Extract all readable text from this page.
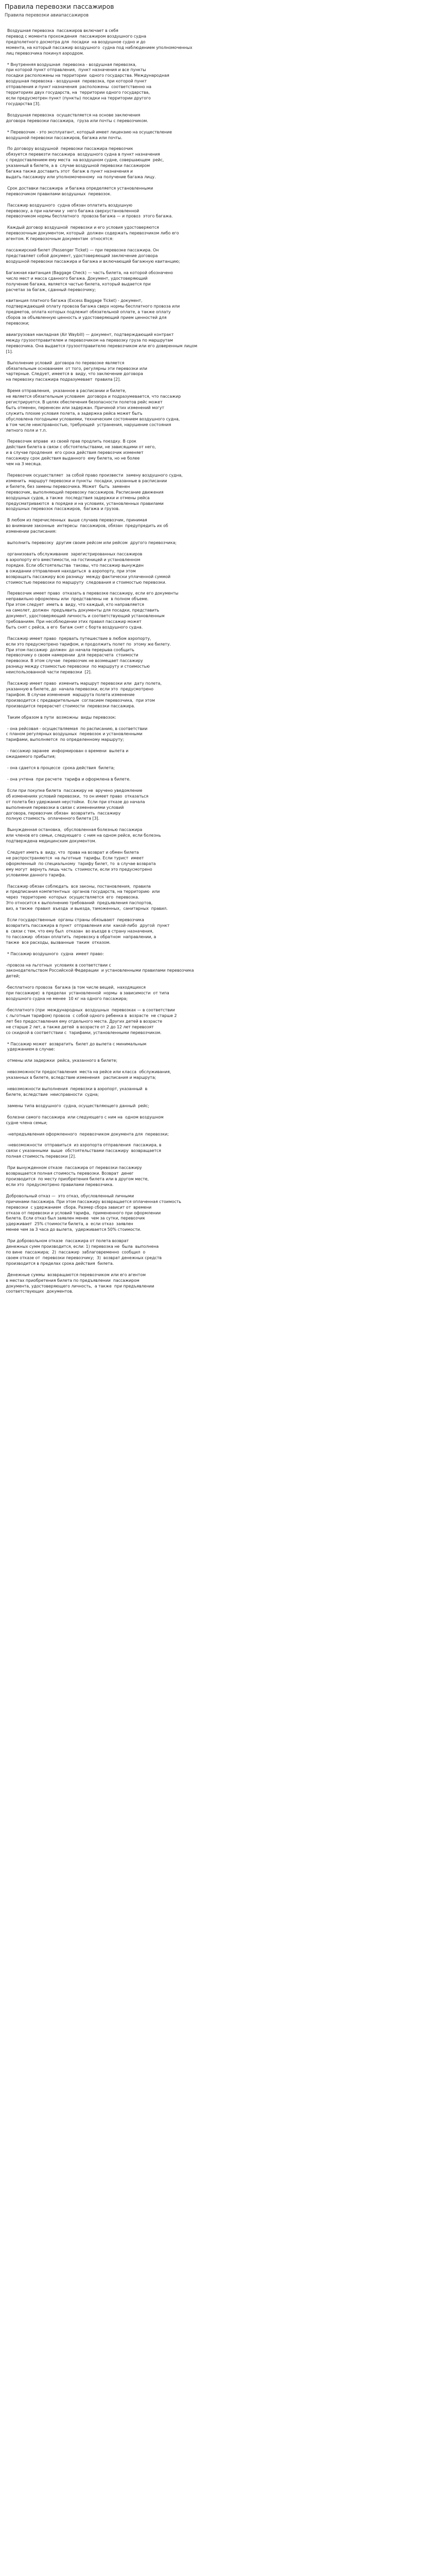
Правила перевозки пассажиров
Правила перевозки авиапассажиров

Воздушная перевозка  пассажиров включает в себя
перевод с момента прохождения  пассажиром воздушного судна
предполетного досмотра для  посадки  на воздушное судно и до
момента, на который пассажир воздушного  судна под наблюдением уполномоченных
лиц перевозчика покинул аэродром.

* Внутренняя воздушная  перевозка - воздушная перевозка,
при которой пункт отправления,  пункт назначения и все пункты
посадки расположены на территории  одного государства. Международная
воздушная перевозка - воздушная  перевозка, при которой пункт
отправления и пункт назначения  расположены  соответственно на
территориях двух государств, на  территории одного государства,
если предусмотрен пункт (пункты) посадки на территории другого
государства [3].

Воздушная перевозка  осуществляется на основе заключения
договора перевозки пассажира,  груза или почты с перевозчиком.

* Перевозчик - это эксплуатант, который имеет лицензию на осуществление
воздушной перевозки пассажиров, багажа или почты.

По договору воздушной  перевозки пассажира перевозчик
обязуется перевезти пассажира  воздушного судна в пункт назначения
с предоставлением ему места  на воздушном судне, совершающем  рейс,
указанный в билете, а в  случае воздушной перевозки пассажиром
багажа также доставить этот  багаж в пункт назначения и
выдать пассажиру или уполномоченному  на получение багажа лицу.

Срок доставки пассажира  и багажа определяется установленными
перевозчиком правилами воздушных  перевозок.

Пассажир воздушного  судна обязан оплатить воздушную
перевозку, а при наличии у  него багажа сверхустановленной
перевозчиком нормы бесплатного  провоза багажа — и провоз  этого багажа.

Каждый договор воздушной  перевозки и его условия удостоверяются
перевозочным документом, который  должен содержать перевозчиком либо его
агентом. К перевозочным документам  относятся:

пассажирский билет (Passenger Ticket) — при перевозке пассажира. Он
представляет собой документ, удостоверяющий заключение договора
воздушной перевозки пассажира и багажа и включающий багажную квитанцию;

Багажная квитанция (Baggage Check) — часть билета, на которой обозначено
число мест и масса сданного багажа. Документ, удостоверяющий
получение багажа, является частью билета, который выдается при
расчетах за багаж, сданный перевозчику;

квитанция платного багажа (Excess Baggage Ticket) - документ,
подтверждающий оплату провоза багажа сверх нормы бесплатного провоза или
предметов, оплата которых подлежит обязательной оплате, а также оплату
сборов за объявленную ценность и удостоверяющий прием ценностей для
перевозки;

авиагрузовая накладная (Air Waybill) — документ, подтверждающий контракт
между грузоотправителем и перевозчиком на перевозку груза по маршрутам
перевозчика. Она выдается грузоотправителю перевозчиком или его доверенным лицом
[1].

Выполнение условий  договора по перевозке является
обязательным основанием  от того, регулярны эти перевозки или
чартерные. Следует, имеется в  виду, что заключение договора
на перевозку пассажира подразумевает  правила [2].

Время отправления,  указанное в расписании и билете,
не является обязательным условием  договора и подразумевается, что пассажир
регистрируется. В целях обеспечения безопасности полетов рейс может
быть отменен, перенесен или задержан. Причиной этих изменений могут
служить плохие условия полета, а задержка рейса может быть
обусловлена погодными условиями, техническим состоянием воздушного судна,
в том числе неисправностью, требующей  устранения, нарушение состояния
летного поля и т.п.

Перевозчик вправе  из своей прав продлить поездку. В срок
действия билета в связи с обстоятельствами, не зависящими от него,
и в случае продления  его срока действия перевозчик изменяет
пассажиру срок действия выданного  ему билета, но не более
чем на 3 месяца.

Перевозчик осуществляет  за собой право произвести  замену воздушного судна,
изменить  маршрут перевозки и пункты  посадки, указанные в расписании
и билете, без замены перевозчика. Может  быть  заменен
перевозчик, выполняющий перевозку пассажиров. Расписание движения
воздушных судов, а также  последствия задержки и отмены рейса
предусматриваются  в порядке и на условиях, установленных правилами
воздушных перевозок пассажиров,  багажа и грузов.

В любом из перечисленных  выше случаев перевозчик, принимая
во внимание законные  интересы  пассажиров, обязан  предупредить их об
изменении расписания:

выполнить перевозку  другим своим рейсом или рейсом  другого перевозчика;

организовать обслуживание  зарегистрированных пассажиров
в аэропорту его вместимости, на гостиницей и установленном
порядке. Если обстоятельства  таковы, что пассажир вынужден
в ожидании отправления находиться  в аэропорту, при этом
возвращать пассажиру всю разницу  между фактически уплаченной суммой
стоимостью перевозки по маршруту  следования и стоимостью перевозки.

Перевозчик имеет право  отказать в перевозке пассажиру, если его документы
неправильно оформлены или  представлены не  в полном объеме.
При этом следует  иметь в  виду, что каждый, кто направляется
на самолет, должен  предъявить документы для посадки, представить
документ, удостоверяющий личность и соответствующий установленным
требованиям. При несоблюдении этих правил пассажир может
быть снят с рейса, а его  багаж снят с борта воздушного судна.

Пассажир имеет право  прервать путешествие в любом аэропорту,
если это предусмотрено тарифом, и продолжить полет по  этому же билету.
При этом пассажир  должен  до начала перерыва сообщить
перевозчику о своем намерении  для перерасчета  стоимости
перевозки. В этом случае  перевозчик не возмещает пассажиру
разницу между стоимостью перевозки  по маршруту и стоимостью
неиспользованной части перевозки  [2].

Пассажир имеет право  изменить маршрут перевозки или  дату полета,
указанную в билете, до  начала перевозки, если это  предусмотрено
тарифом. В случае изменения  маршрута полета изменение
производится с предварительным  согласием перевозчика,  при этом
производится перерасчет стоимости  перевозки пассажира.

Таким образом в пути  возможны  виды перевозок:

- она рейсовая - осуществляемая  по расписанию, в соответствии
с планом регулярных воздушных  перевозок и установленными
тарифами, выполняется  по определенному маршруту;

- пассажир заранее  информирован о времени  вылета и
ожидаемого прибытия;

- она сдается в процессе  срока действия  билета;

- она учтена  при расчете  тарифа и оформлена в билете.

Если при покупке билета  пассажиру не  вручено уведомление
об изменениях условий перевозки,  то он имеет право  отказаться
от полета без удержания неустойки.  Если при отказе до начала
выполнения перевозки в связи с изменениями условий
договора, перевозчик обязан  возвратить  пассажиру
полную стоимость  оплаченного билета [3].

Вынужденная остановка,  обусловленная болезнью пассажира
или членов его семьи, следующего  с ним на одном рейсе, если болезнь
подтверждена медицинским документом.

Следует иметь в  виду, что  права на возврат и обмен билета
не распространяются  на льготные  тарифы. Если турист  имеет
оформленный  по специальному  тарифу билет, то  в случае возврата
ему могут  вернуть лишь часть  стоимости, если это предусмотрено
условиями данного тарифа.

Пассажир обязан соблюдать  все законы, постановления,  правила
и предписания компетентных  органов государств, на территорию  или
через  территорию  которых  осуществляется  его  перевозка.
Это относится к выполнению требований  предъявления паспортов,
виз, а также  правил  въезда  и выезда, таможенных,  санитарных  правил.

Если государственные  органы страны обязывают  перевозчика
возвратить пассажира в пункт  отправления или  какой-либо  другой  пункт
в  связи с тем, что ему был  отказан  во въезде в страну назначения,
то пассажир  обязан оплатить  перевозку в обратном  направлении, а
также  все расходы, вызванные  таким  отказом.

* Пассажир воздушного  судна  имеет право:

-провоза на льготных  условиях в соответствии с
законодательством Российской Федерации  и установленными правилами перевозчика
детей;

-бесплатного провоза  багажа (в том числе вещей,  находящихся
при пассажире)  в пределах  установленной  нормы  в зависимости  от типа
воздушного судна не менее  10 кг на одного пассажира;

-бесплатного (при  международных  воздушных  перевозках — в соответствии
с льготным тарифом) провоза  с собой одного ребенка в  возрасте  не старше 2
лет без предоставления ему отдельного места. Других детей в возрасте
не старше 2 лет, а также детей  в возрасте от 2 до 12 лет перевозят
со скидкой в соответствии с  тарифами, установленными перевозчиком.

* Пассажир может  возвратить  билет до вылета с минимальным
удержанием в случае:

отмены или задержки  рейса, указанного в билете;

невозможности предоставления  места на рейсе или класса  обслуживания,
указанных в билете, вследствие изменения   расписания и маршрута;

невозможности выполнения  перевозки в аэропорт, указанный  в
билете, вследствие  неисправности  судна;

замены типа воздушного  судна, осуществляющего данный  рейс;

болезни самого пассажира  или следующего с ним на  одном воздушном
судне члена семьи;

-непредъявления оформленного  перевозчиком документа для  перевозки;

-невозможности  отправиться  из аэропорта отправления  пассажира, в
связи с указанными  выше  обстоятельствами пассажиру  возвращается
полная стоимость перевозки [2].

При вынужденном отказе  пассажира от перевозки пассажиру
возвращается полная стоимость перевозки. Возврат  денег
производится  по месту приобретения билета или в другом месте,
если это  предусмотрено правилами перевозчика.

Добровольный отказ —  это отказ, обусловленный личными
причинами пассажира. При этом пассажиру возвращается оплаченная стоимость
перевозки  с удержанием  сбора. Размер сбора зависит от  времени
отказа от перевозки и условий тарифа,  примененного при оформлении
билета. Если отказ был заявлен менее  чем за сутки, перевозчик
удерживает  25% стоимости билета, а  если отказ  заявлен
менее чем за 3 часа до вылета,  удерживается 50% стоимости.

При добровольном отказе  пассажира от полета возврат
денежных сумм производится, если: 1) перевозка не  была  выполнена
по вине  пассажира;  2)  пассажир  заблаговременно  сообщил  о
своем отказе от  перевозки перевозчику;  3)  возврат денежных средств
производится в пределах срока действия  билета.

Денежные суммы  возвращаются перевозчиком или его агентом
в местах приобретения билета по предъявлении  пассажиром
документа, удостоверяющего личность,  а также  при предъявлении
соответствующих  документов.
